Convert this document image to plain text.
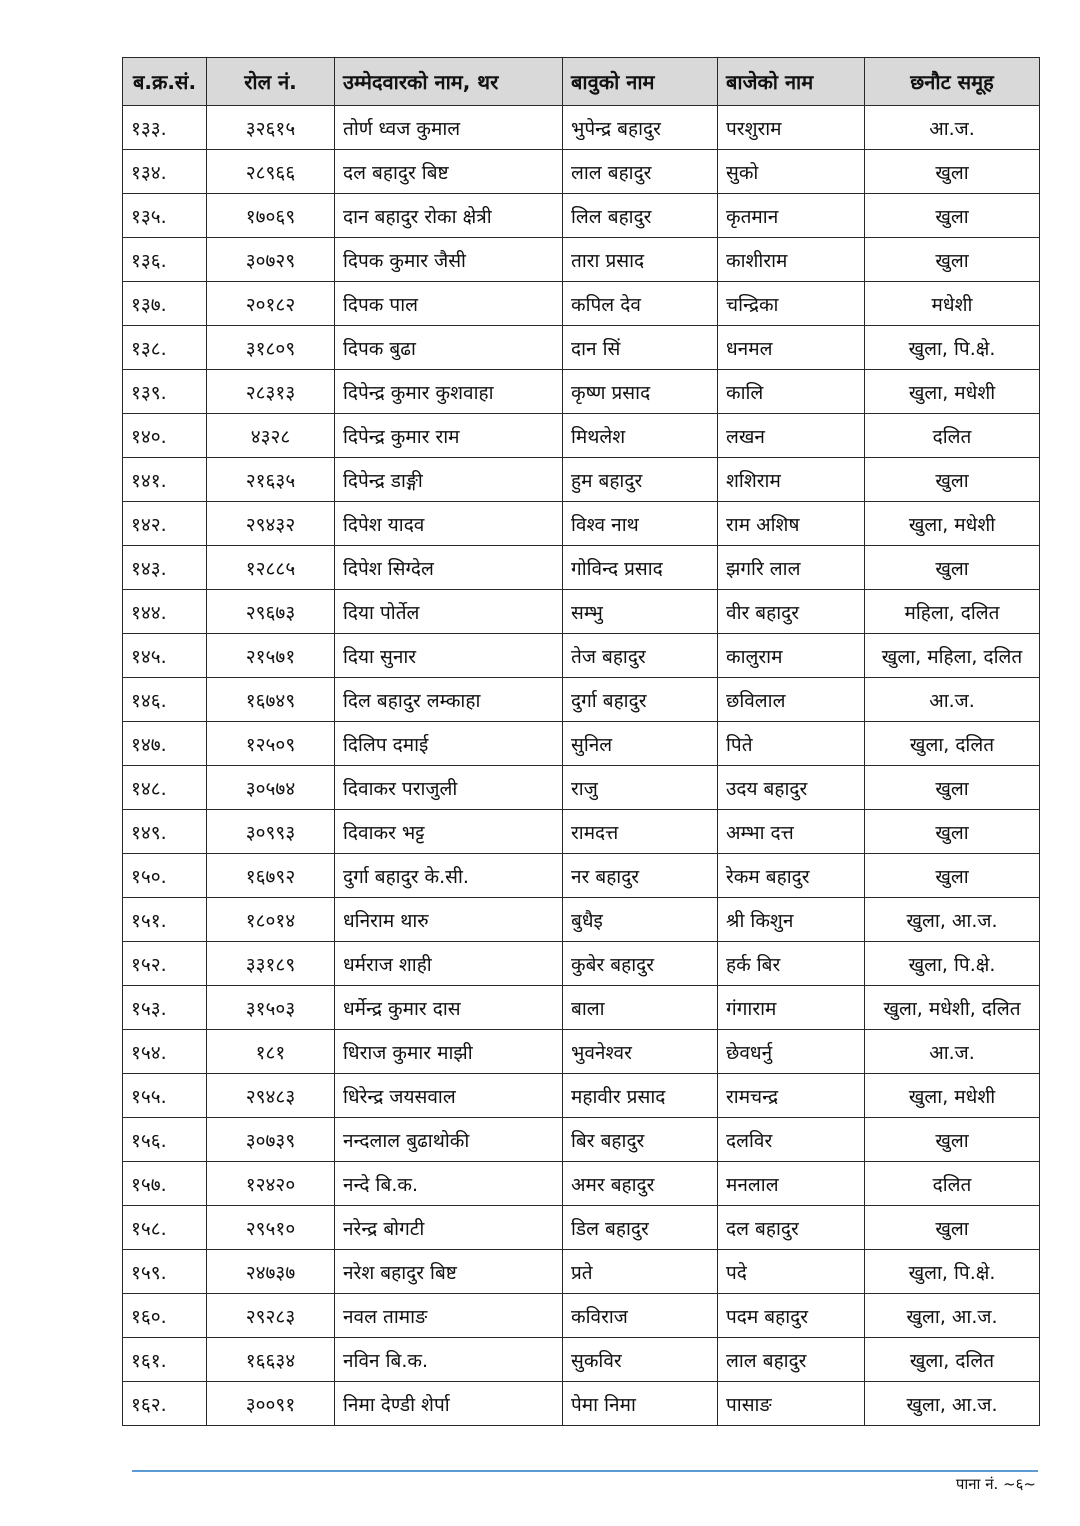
ब.क्र.सं.	रोल नं.	उम्मेदवारको नाम, थर	बावुको नाम	बाजेको नाम	छनौट समूह
१३३.	३२६१५	तोर्ण ध्वज कुमाल	भुपेन्द्र बहादुर	परशुराम	आ.ज.
१३४.	२८९६६	दल बहादुर बिष्ट	लाल बहादुर	सुको	खुला
१३५.	१७०६९	दान बहादुर रोका क्षेत्री	लिल बहादुर	कृतमान	खुला
१३६.	३०७२९	दिपक कुमार जैसी	तारा प्रसाद	काशीराम	खुला
१३७.	२०१८२	दिपक पाल	कपिल देव	चन्द्रिका	मधेशी
१३८.	३१८०९	दिपक बुढा	दान सिं	धनमल	खुला, पि.क्षे.
१३९.	२८३१३	दिपेन्द्र कुमार कुशवाहा	कृष्ण प्रसाद	कालि	खुला, मधेशी
१४०.	४३२८	दिपेन्द्र कुमार राम	मिथलेश	लखन	दलित
१४१.	२१६३५	दिपेन्द्र डाङ्गी	हुम बहादुर	शशिराम	खुला
१४२.	२९४३२	दिपेश यादव	विश्व नाथ	राम अशिष	खुला, मधेशी
१४३.	१२८८५	दिपेश सिग्देल	गोविन्द प्रसाद	झगरि लाल	खुला
१४४.	२९६७३	दिया पोर्तेल	सम्भु	वीर बहादुर	महिला, दलित
१४५.	२१५७१	दिया सुनार	तेज बहादुर	कालुराम	खुला, महिला, दलित
१४६.	१६७४९	दिल बहादुर लम्काहा	दुर्गा बहादुर	छविलाल	आ.ज.
१४७.	१२५०९	दिलिप दमाई	सुनिल	पिते	खुला, दलित
१४८.	३०५७४	दिवाकर पराजुली	राजु	उदय बहादुर	खुला
१४९.	३०९९३	दिवाकर भट्ट	रामदत्त	अम्भा दत्त	खुला
१५०.	१६७९२	दुर्गा बहादुर के.सी.	नर बहादुर	रेकम बहादुर	खुला
१५१.	१८०१४	धनिराम थारु	बुधैइ	श्री किशुन	खुला, आ.ज.
१५२.	३३१८९	धर्मराज शाही	कुबेर बहादुर	हर्क बिर	खुला, पि.क्षे.
१५३.	३१५०३	धर्मेन्द्र कुमार दास	बाला	गंगाराम	खुला, मधेशी, दलित
१५४.	१८१	धिराज कुमार माझी	भुवनेश्वर	छेवधर्नु	आ.ज.
१५५.	२९४८३	धिरेन्द्र जयसवाल	महावीर प्रसाद	रामचन्द्र	खुला, मधेशी
१५६.	३०७३९	नन्दलाल बुढाथोकी	बिर बहादुर	दलविर	खुला
१५७.	१२४२०	नन्दे बि.क.	अमर बहादुर	मनलाल	दलित
१५८.	२९५१०	नरेन्द्र बोगटी	डिल बहादुर	दल बहादुर	खुला
१५९.	२४७३७	नरेश बहादुर बिष्ट	प्रते	पदे	खुला, पि.क्षे.
१६०.	२९२८३	नवल तामाङ	कविराज	पदम बहादुर	खुला, आ.ज.
१६१.	१६६३४	नविन बि.क.	सुकविर	लाल बहादुर	खुला, दलित
१६२.	३००९१	निमा देण्डी शेर्पा	पेमा निमा	पासाङ	खुला, आ.ज.
पाना नं. ~६~
